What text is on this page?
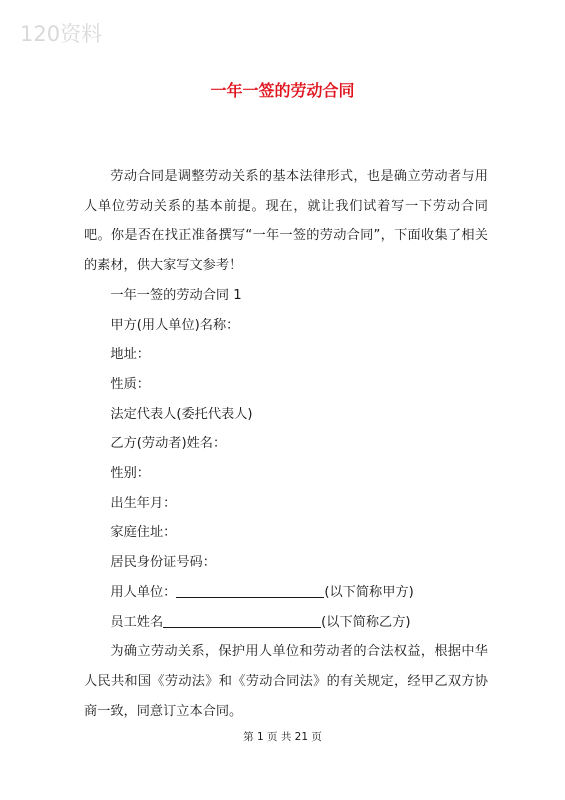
120资料
一年一签的劳动合同

劳动合同是调整劳动关系的基本法律形式，也是确立劳动者与用人单位劳动关系的基本前提。现在，就让我们试着写一下劳动合同吧。你是否在找正准备撰写“一年一签的劳动合同”，下面收集了相关的素材，供大家写文参考！

一年一签的劳动合同 1

甲方(用人单位)名称：

地址：

性质：

法定代表人(委托代表人)

乙方(劳动者)姓名：

性别：

出生年月：

家庭住址：

居民身份证号码：

用人单位：	(以下简称甲方)

员工姓名	(以下简称乙方)

为确立劳动关系，保护用人单位和劳动者的合法权益，根据中华人民共和国《劳动法》和《劳动合同法》的有关规定，经甲乙双方协商一致，同意订立本合同。

第 1 页 共 21 页
